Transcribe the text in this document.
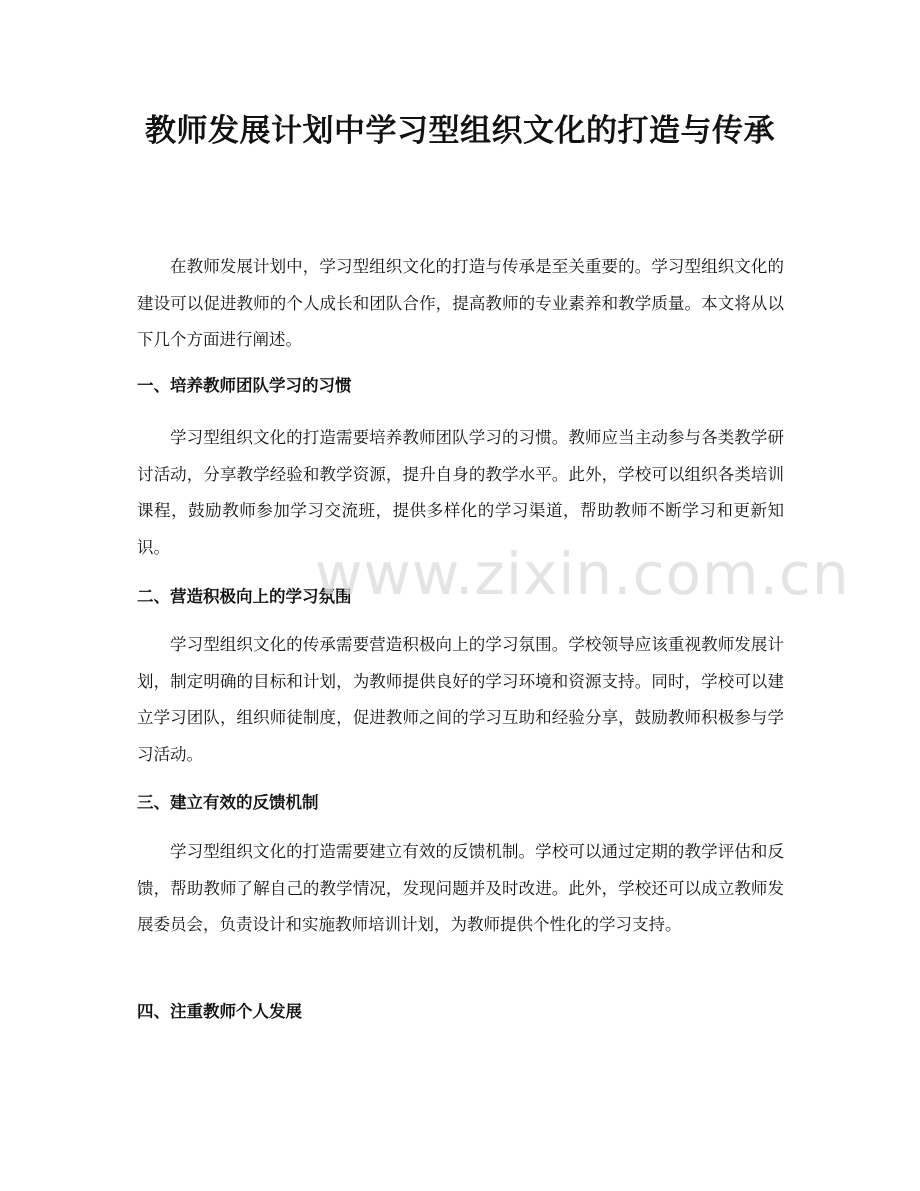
教师发展计划中学习型组织文化的打造与传承

在教师发展计划中，学习型组织文化的打造与传承是至关重要的。学习型组织文化的建设可以促进教师的个人成长和团队合作，提高教师的专业素养和教学质量。本文将从以下几个方面进行阐述。

一、培养教师团队学习的习惯

学习型组织文化的打造需要培养教师团队学习的习惯。教师应当主动参与各类教学研讨活动，分享教学经验和教学资源，提升自身的教学水平。此外，学校可以组织各类培训课程，鼓励教师参加学习交流班，提供多样化的学习渠道，帮助教师不断学习和更新知识。

二、营造积极向上的学习氛围

学习型组织文化的传承需要营造积极向上的学习氛围。学校领导应该重视教师发展计划，制定明确的目标和计划，为教师提供良好的学习环境和资源支持。同时，学校可以建立学习团队，组织师徒制度，促进教师之间的学习互助和经验分享，鼓励教师积极参与学习活动。

三、建立有效的反馈机制

学习型组织文化的打造需要建立有效的反馈机制。学校可以通过定期的教学评估和反馈，帮助教师了解自己的教学情况，发现问题并及时改进。此外，学校还可以成立教师发展委员会，负责设计和实施教师培训计划，为教师提供个性化的学习支持。

四、注重教师个人发展
www.zixin.com.cn
